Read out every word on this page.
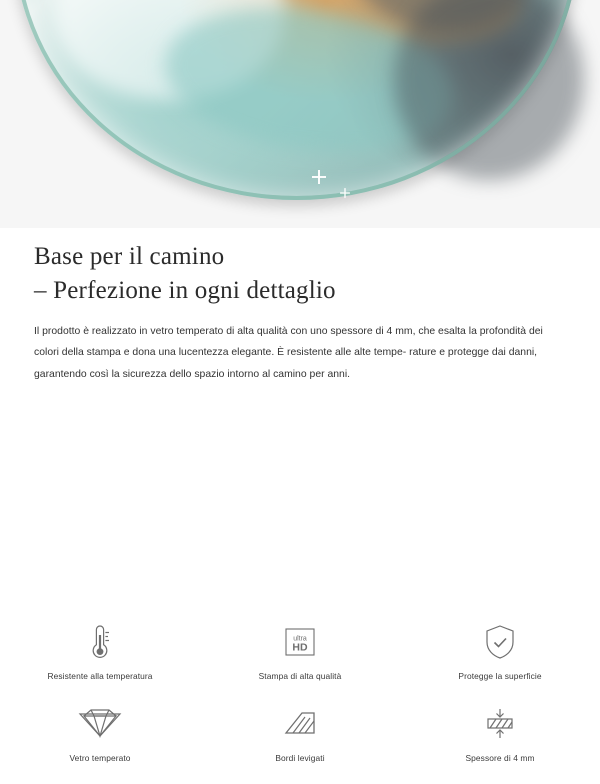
Base per il camino
– Perfezione in ogni dettaglio

Il prodotto è realizzato in vetro temperato di alta qualità con uno spessore di 4 mm, che esalta la profondità dei colori della stampa e dona una lucentezza elegante. È resistente alle alte tempe- rature e protegge dai danni, garantendo così la sicurezza dello spazio intorno al camino per anni.

Resistente alla temperatura
ultra
HD
Stampa di alta qualità	Protegge la superficie
Vetro temperato	Bordi levigati	Spessore di 4 mm
